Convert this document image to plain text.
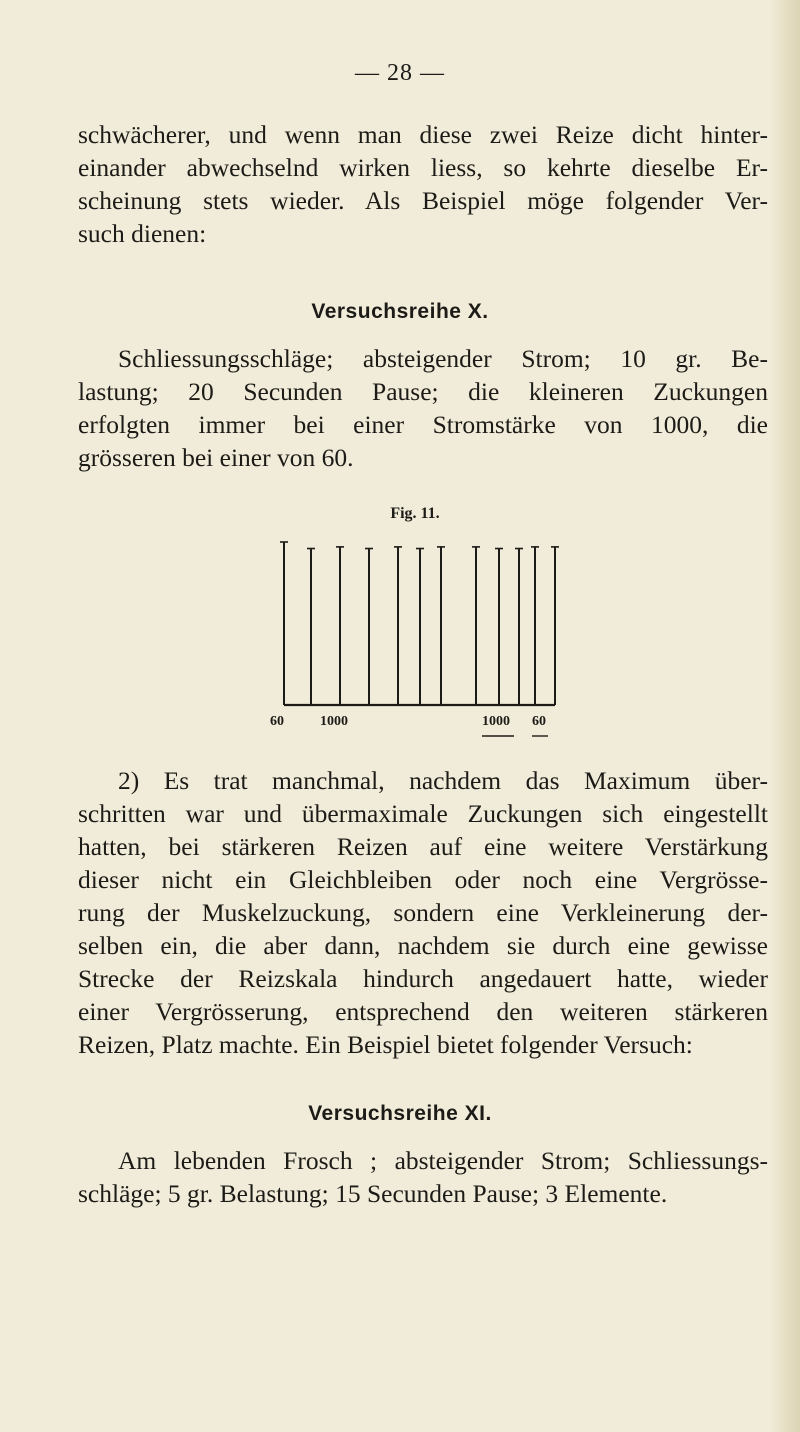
— 28 —

schwächerer, und wenn man diese zwei Reize dicht hinter-
einander abwechselnd wirken liess, so kehrte dieselbe Er-
scheinung stets wieder. Als Beispiel möge folgender Ver-
such dienen:

Versuchsreihe X.

Schliessungsschläge; absteigender Strom; 10 gr. Be-
lastung; 20 Secunden Pause; die kleineren Zuckungen
erfolgten immer bei einer Stromstärke von 1000, die
grösseren bei einer von 60.

Fig. 11.
60	1000	1000 60

2) Es trat manchmal, nachdem das Maximum über-
schritten war und übermaximale Zuckungen sich eingestellt
hatten, bei stärkeren Reizen auf eine weitere Verstärkung
dieser nicht ein Gleichbleiben oder noch eine Vergrösse-
rung der Muskelzuckung, sondern eine Verkleinerung der-
selben ein, die aber dann, nachdem sie durch eine gewisse
Strecke der Reizskala hindurch angedauert hatte, wieder
einer Vergrösserung, entsprechend den weiteren stärkeren
Reizen, Platz machte. Ein Beispiel bietet folgender Versuch:

Versuchsreihe XI.

Am lebenden Frosch ; absteigender Strom; Schliessungs-
schläge; 5 gr. Belastung; 15 Secunden Pause; 3 Elemente.
